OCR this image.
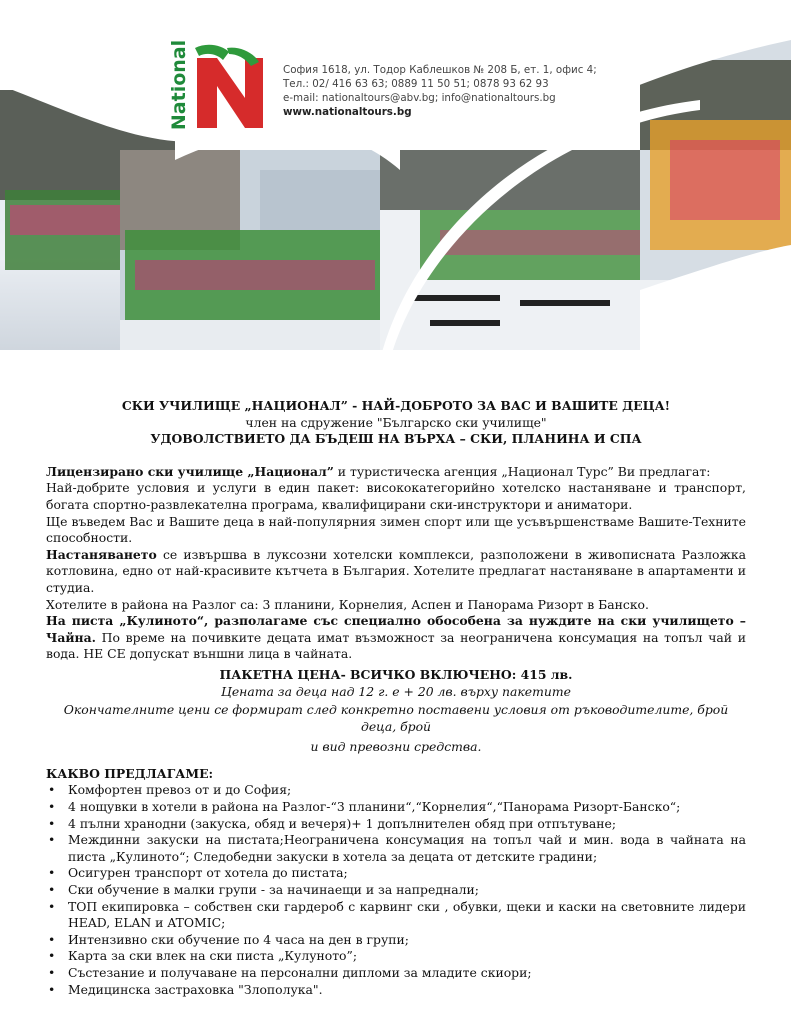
National	София 1618, ул. Тодор Каблешков № 208 Б, ет. 1, офис 4;
Тел.: 02/ 416 63 63; 0889 11 50 51; 0878 93 62 93
e-mail: nationaltours@abv.bg; info@nationaltours.bg
www.nationaltours.bg
СКИ УЧИЛИЩЕ „НАЦИОНАЛ” - НАЙ-ДОБРОТО ЗА ВАС И ВАШИТЕ ДЕЦА!
член на сдружение "Българско ски училище"
УДОВОЛСТВИЕТО ДА БЪДЕШ НА ВЪРХА – СКИ, ПЛАНИНА И СПА

Лицензирано ски училище „Национал” и туристическа агенция „Национал Турс” Ви предлагат:

Най-добрите условия и услуги в един пакет: висококатегорийно хотелско настаняване и транспорт, богата спортно-развлекателна програма, квалифицирани ски-инструктори и аниматори.

Ще въведем Вас и Вашите деца в най-популярния зимен спорт или ще усъвършенстваме Вашите-Техните способности.

Настаняването се извършва в луксозни хотелски комплекси, разположени в живописната Разложка котловина, едно от най-красивите кътчета в България. Хотелите предлагат настаняване в апартаменти и студиа.

Хотелите в района на Разлог са: 3 планини, Корнелия, Аспен и Панорама Ризорт в Банско.

На писта „Кулиното“, разполагаме със специално обособена за нуждите на ски училището –Чайна. По време на почивките децата имат възможност за неограничена консумация на топъл чай и вода. НЕ СЕ допускат външни лица в чайната.

ПАКЕТНА ЦЕНА- ВСИЧКО ВКЛЮЧЕНО: 415 лв.
Цената за деца над 12 г. е + 20 лв. върху пакетите
Окончателните цени се формират след конкретно поставени условия от ръководителите, брой деца, брой
и вид превозни средства.
КАКВО ПРЕДЛАГАМЕ:
• Комфортен превоз от и до София;
• 4 нощувки в хотели в района на Разлог-“3 планини“,“Корнелия“,“Панорама Ризорт-Банско“;
• 4 пълни хранодни (закуска, обяд и вечеря)+ 1 допълнителен обяд при отпътуване;
• Междинни закуски на пистата;Неограничена консумация на топъл чай и мин. вода в чайната на писта „Кулиното“; Следобедни закуски в хотела за децата от детските градини;
• Осигурен транспорт от хотела до пистата;
• Ски обучение в малки групи - за начинаещи и за напреднали;
• ТОП екипировка – собствен ски гардероб с карвинг ски , обувки, щеки и каски на световните лидери HEAD, ELAN и ATOMIC;
• Интензивно ски обучение по 4 часа на ден в групи;
• Карта за ски влек на ски писта „Кулуното”;
• Състезание и получаване на персонални дипломи за младите скиори;
• Медицинска застраховка "Злополука".
